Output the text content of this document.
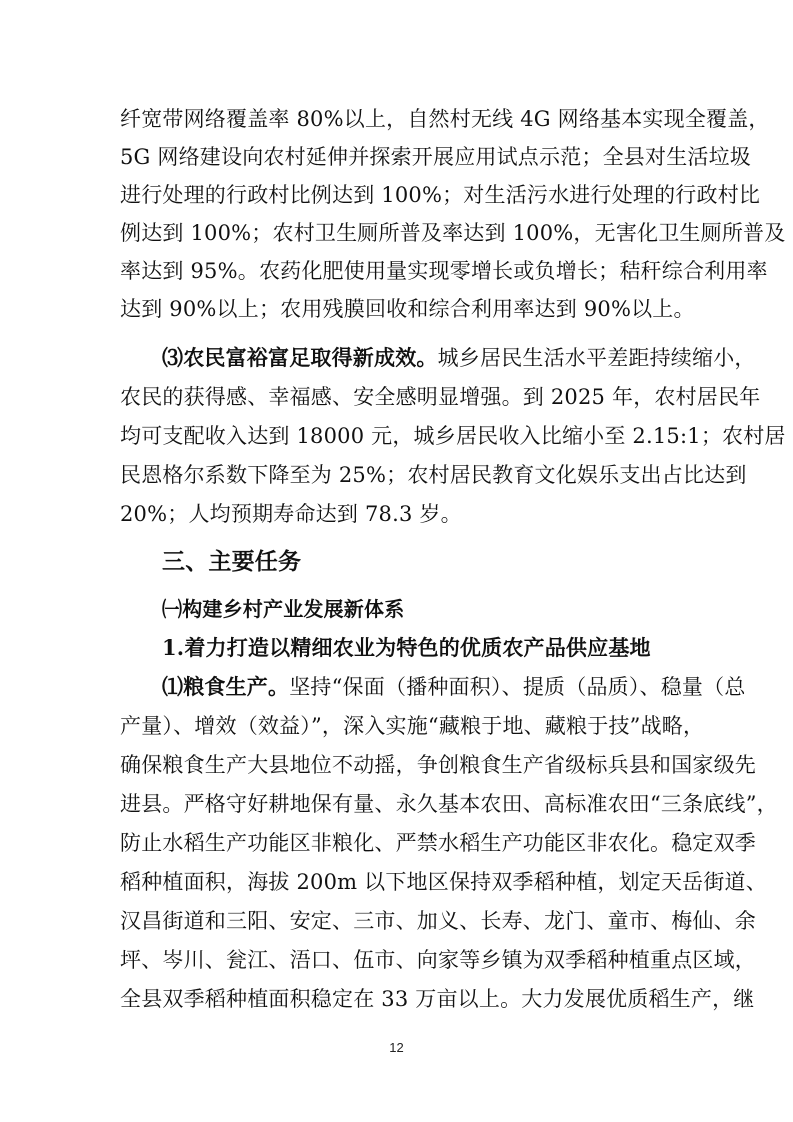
纤宽带网络覆盖率 80%以上，自然村无线 4G 网络基本实现全覆盖，
5G 网络建设向农村延伸并探索开展应用试点示范；全县对生活垃圾
进行处理的行政村比例达到 100%；对生活污水进行处理的行政村比
例达到 100%；农村卫生厕所普及率达到 100%，无害化卫生厕所普及
率达到 95%。农药化肥使用量实现零增长或负增长；秸秆综合利用率
达到 90%以上；农用残膜回收和综合利用率达到 90%以上。
⑶农民富裕富足取得新成效。城乡居民生活水平差距持续缩小，
农民的获得感、幸福感、安全感明显增强。到 2025 年，农村居民年
均可支配收入达到 18000 元，城乡居民收入比缩小至 2.15:1；农村居
民恩格尔系数下降至为 25%；农村居民教育文化娱乐支出占比达到
20%；人均预期寿命达到 78.3 岁。
三、主要任务
㈠构建乡村产业发展新体系
1.着力打造以精细农业为特色的优质农产品供应基地
⑴粮食生产。坚持“保面（播种面积）、提质（品质）、稳量（总
产量）、增效（效益）”，深入实施“藏粮于地、藏粮于技”战略，
确保粮食生产大县地位不动摇，争创粮食生产省级标兵县和国家级先
进县。严格守好耕地保有量、永久基本农田、高标准农田“三条底线”，
防止水稻生产功能区非粮化、严禁水稻生产功能区非农化。稳定双季
稻种植面积，海拔 200m 以下地区保持双季稻种植，划定天岳街道、
汉昌街道和三阳、安定、三市、加义、长寿、龙门、童市、梅仙、余
坪、岑川、瓮江、浯口、伍市、向家等乡镇为双季稻种植重点区域，
全县双季稻种植面积稳定在 33 万亩以上。大力发展优质稻生产，继
12
